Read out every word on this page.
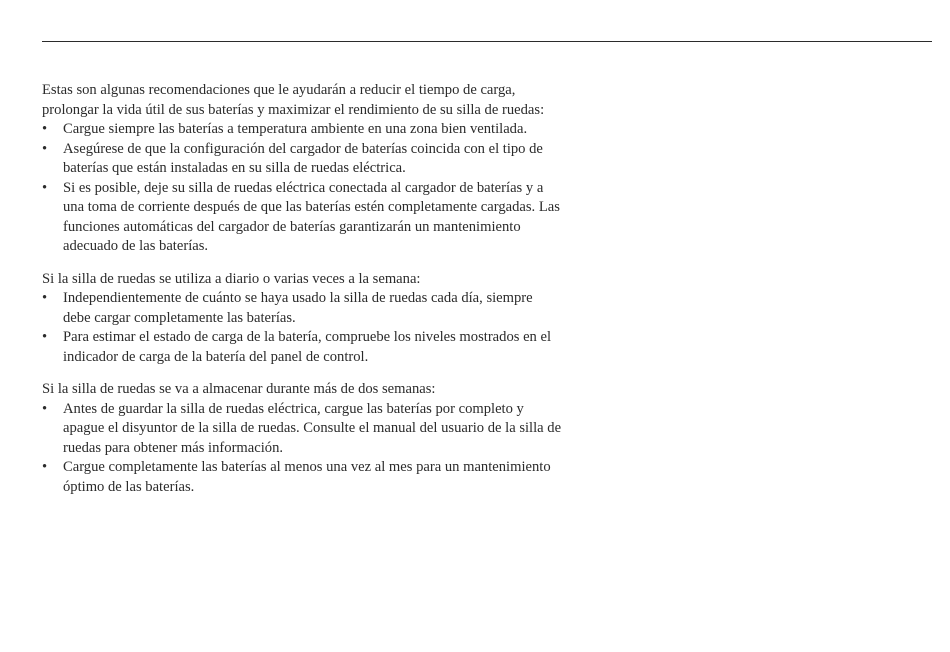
Estas son algunas recomendaciones que le ayudarán a reducir el tiempo de carga, prolongar la vida útil de sus baterías y maximizar el rendimiento de su silla de ruedas:

• Cargue siempre las baterías a temperatura ambiente en una zona bien ventilada.
• Asegúrese de que la configuración del cargador de baterías coincida con el tipo de baterías que están instaladas en su silla de ruedas eléctrica.
• Si es posible, deje su silla de ruedas eléctrica conectada al cargador de baterías y a una toma de corriente después de que las baterías estén completamente cargadas. Las funciones automáticas del cargador de baterías garantizarán un mantenimiento adecuado de las baterías.

Si la silla de ruedas se utiliza a diario o varias veces a la semana:

• Independientemente de cuánto se haya usado la silla de ruedas cada día, siempre debe cargar completamente las baterías.
• Para estimar el estado de carga de la batería, compruebe los niveles mostrados en el indicador de carga de la batería del panel de control.

Si la silla de ruedas se va a almacenar durante más de dos semanas:

• Antes de guardar la silla de ruedas eléctrica, cargue las baterías por completo y apague el disyuntor de la silla de ruedas. Consulte el manual del usuario de la silla de ruedas para obtener más información.
• Cargue completamente las baterías al menos una vez al mes para un mantenimiento óptimo de las baterías.
